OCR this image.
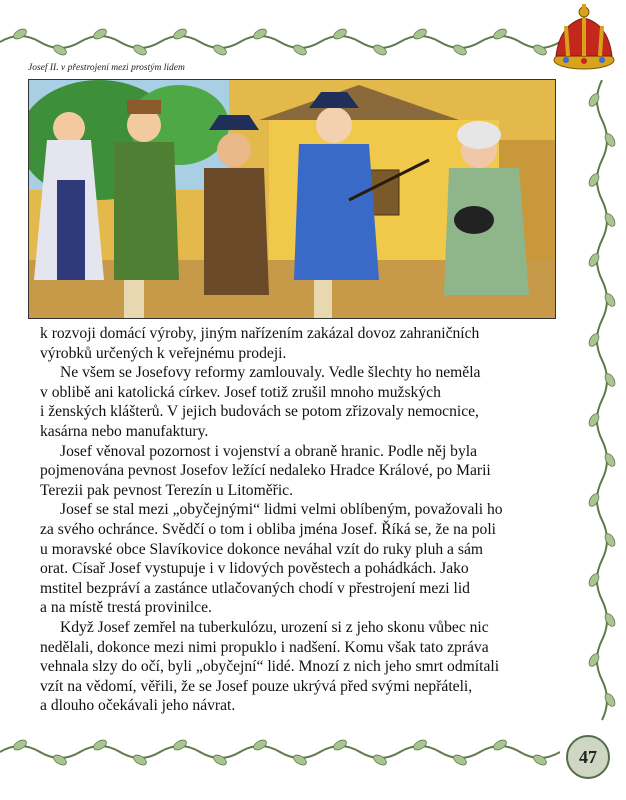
Josef II. v přestrojení mezi prostým lidem

k rozvoji domácí výroby, jiným nařízením zakázal dovoz zahraničních
výrobků určených k veřejnému prodeji.

Ne všem se Josefovy reformy zamlouvaly. Vedle šlechty ho neměla
v oblibě ani katolická církev. Josef totiž zrušil mnoho mužských
i ženských klášterů. V jejich budovách se potom zřizovaly nemocnice,
kasárna nebo manufaktury.

Josef věnoval pozornost i vojenství a obraně hranic. Podle něj byla
pojmenována pevnost Josefov ležící nedaleko Hradce Králové, po Marii
Terezii pak pevnost Terezín u Litoměřic.

Josef se stal mezi „obyčejnými“ lidmi velmi oblíbeným, považovali ho
za svého ochránce. Svědčí o tom i obliba jména Josef. Říká se, že na poli
u moravské obce Slavíkovice dokonce neváhal vzít do ruky pluh a sám
orat. Císař Josef vystupuje i v lidových pověstech a pohádkách. Jako
mstitel bezpráví a zastánce utlačovaných chodí v přestrojení mezi lid
a na místě trestá provinilce.

Když Josef zemřel na tuberkulózu, urození si z jeho skonu vůbec nic
nedělali, dokonce mezi nimi propuklo i nadšení. Komu však tato zpráva
vehnala slzy do očí, byli „obyčejní“ lidé. Mnozí z nich jeho smrt odmítali
vzít na vědomí, věřili, že se Josef pouze ukrývá před svými nepřáteli,
a dlouho očekávali jeho návrat.

47
